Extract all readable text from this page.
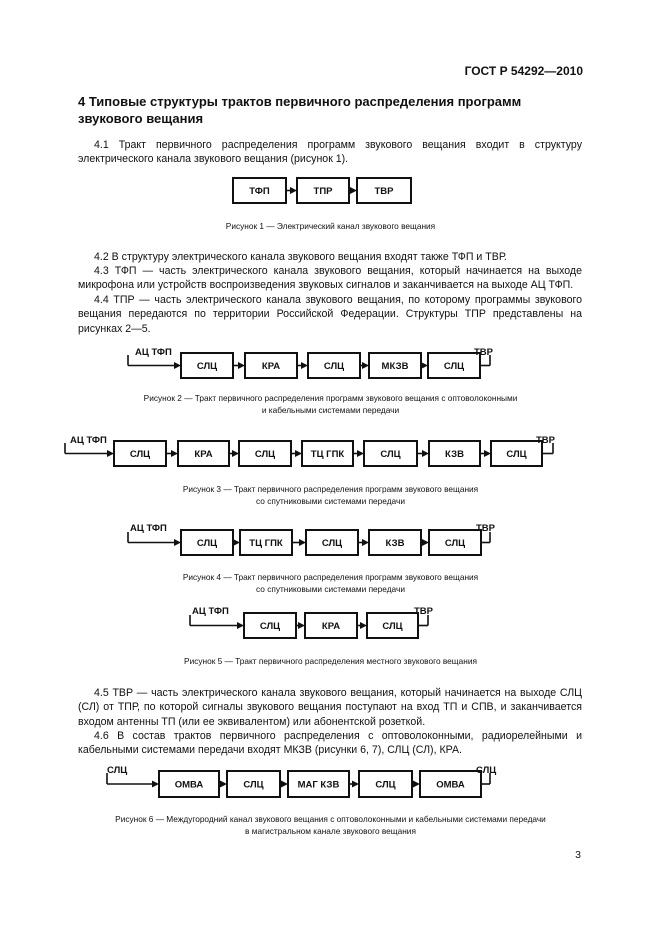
ГОСТ Р 54292—2010
4 Типовые структуры трактов первичного распределения программ звукового вещания
4.1 Тракт первичного распределения программ звукового вещания входит в структуру электрического канала звукового вещания (рисунок 1).
4.2 В структуру электрического канала звукового вещания входят также ТФП и ТВР.
4.3 ТФП — часть электрического канала звукового вещания, который начинается на выходе микрофона или устройств воспроизведения звуковых сигналов и заканчивается на выходе АЦ ТФП.
4.4 ТПР — часть электрического канала звукового вещания, по которому программы звукового вещания передаются по территории Российской Федерации. Структуры ТПР представлены на рисунках 2—5.
4.5 ТВР — часть электрического канала звукового вещания, который начинается на выходе СЛЦ (СЛ) от ТПР, по которой сигналы звукового вещания поступают на вход ТП и СПВ, и заканчивается входом антенны ТП (или ее эквивалентом) или абонентской розеткой.
4.6 В состав трактов первичного распределения с оптоволоконными, радиорелейными и кабельными системами передачи входят МКЗВ (рисунки 6, 7), СЛЦ (СЛ), КРА.
Рисунок 1 — Электрический канал звукового вещания
Рисунок 2 — Тракт первичного распределения программ звукового вещания с оптоволоконными
и кабельными системами передачи
Рисунок 3 — Тракт первичного распределения программ звукового вещания
со спутниковыми системами передачи
Рисунок 4 — Тракт первичного распределения программ звукового вещания
со спутниковыми системами передачи
Рисунок 5 — Тракт первичного распределения местного звукового вещания
Рисунок 6 — Междугородний канал звукового вещания с оптоволоконными и кабельными системами передачи
в магистральном канале звукового вещания
3
ТФП	ТПР	ТВР
СЛЦ	КРА	СЛЦ	МКЗВ	СЛЦ
АЦ ТФП	ТВР
СЛЦ	КРА	СЛЦ	ТЦ ГПК	СЛЦ	КЗВ	СЛЦ
АЦ ТФП	ТВР
СЛЦ	ТЦ ГПК	СЛЦ	КЗВ	СЛЦ
АЦ ТФП	ТВР
СЛЦ	КРА	СЛЦ
АЦ ТФП	ТВР
ОМВА	СЛЦ	МАГ КЗВ	СЛЦ	ОМВА
СЛЦ	СЛЦ
